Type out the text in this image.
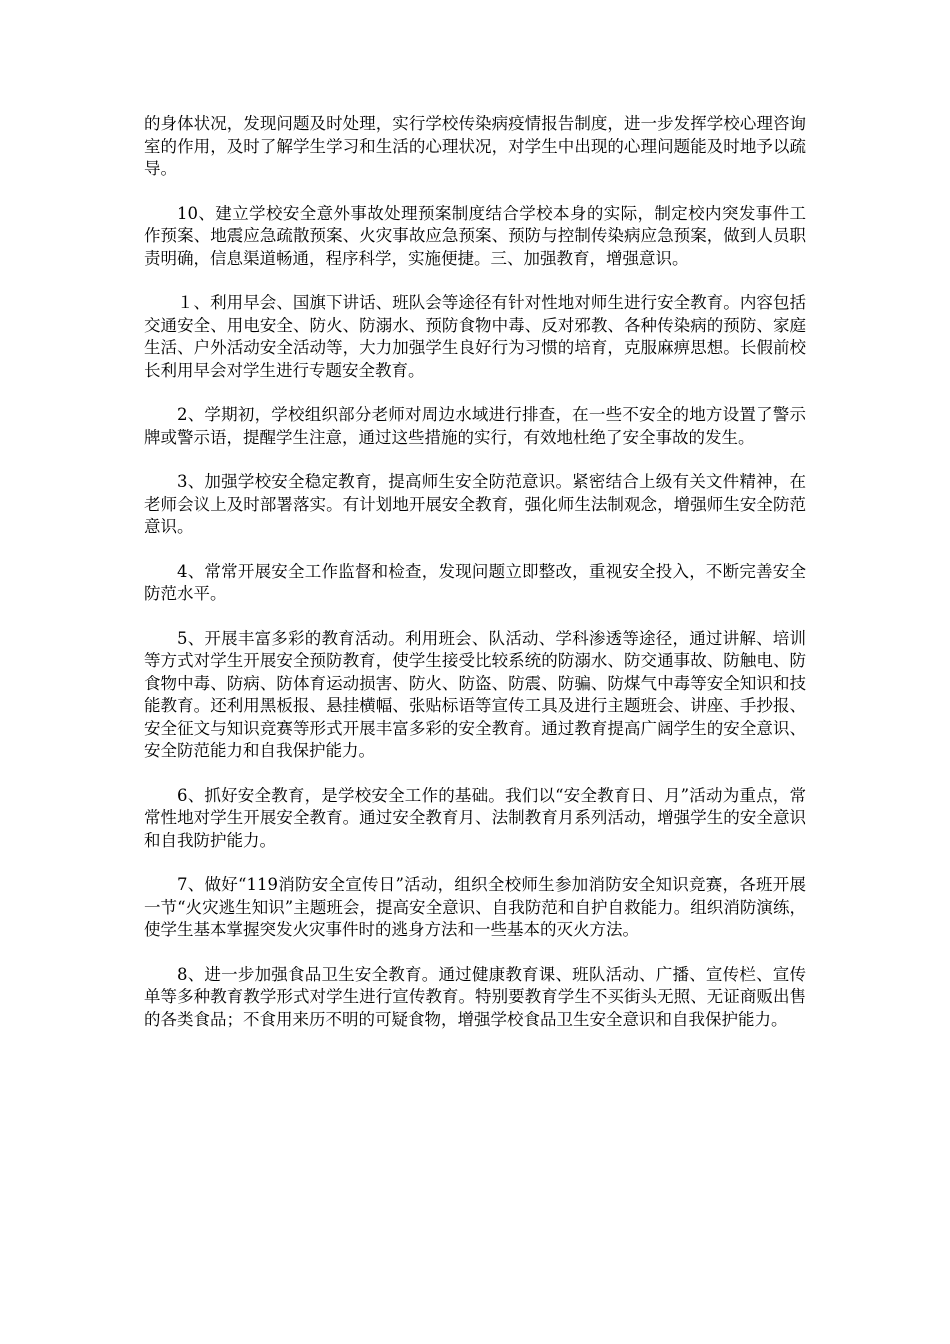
的身体状况，发现问题及时处理，实行学校传染病疫情报告制度，进一步发挥学校心理咨询室的作用，及时了解学生学习和生活的心理状况，对学生中出现的心理问题能及时地予以疏导。

10、建立学校安全意外事故处理预案制度结合学校本身的实际，制定校内突发事件工作预案、地震应急疏散预案、火灾事故应急预案、预防与控制传染病应急预案，做到人员职责明确，信息渠道畅通，程序科学，实施便捷。三、加强教育，增强意识。

１、利用早会、国旗下讲话、班队会等途径有针对性地对师生进行安全教育。内容包括交通安全、用电安全、防火、防溺水、预防食物中毒、反对邪教、各种传染病的预防、家庭生活、户外活动安全活动等，大力加强学生良好行为习惯的培育，克服麻痹思想。长假前校长利用早会对学生进行专题安全教育。

2、学期初，学校组织部分老师对周边水域进行排查，在一些不安全的地方设置了警示牌或警示语，提醒学生注意，通过这些措施的实行，有效地杜绝了安全事故的发生。

3、加强学校安全稳定教育，提高师生安全防范意识。紧密结合上级有关文件精神，在老师会议上及时部署落实。有计划地开展安全教育，强化师生法制观念，增强师生安全防范意识。

4、常常开展安全工作监督和检查，发现问题立即整改，重视安全投入，不断完善安全防范水平。

5、开展丰富多彩的教育活动。利用班会、队活动、学科渗透等途径，通过讲解、培训等方式对学生开展安全预防教育，使学生接受比较系统的防溺水、防交通事故、防触电、防食物中毒、防病、防体育运动损害、防火、防盗、防震、防骗、防煤气中毒等安全知识和技能教育。还利用黑板报、悬挂横幅、张贴标语等宣传工具及进行主题班会、讲座、手抄报、安全征文与知识竞赛等形式开展丰富多彩的安全教育。通过教育提高广阔学生的安全意识、安全防范能力和自我保护能力。

6、抓好安全教育，是学校安全工作的基础。我们以“安全教育日、月”活动为重点，常常性地对学生开展安全教育。通过安全教育月、法制教育月系列活动，增强学生的安全意识和自我防护能力。

7、做好“119消防安全宣传日”活动，组织全校师生参加消防安全知识竞赛，各班开展一节“火灾逃生知识”主题班会，提高安全意识、自我防范和自护自救能力。组织消防演练，使学生基本掌握突发火灾事件时的逃身方法和一些基本的灭火方法。

8、进一步加强食品卫生安全教育。通过健康教育课、班队活动、广播、宣传栏、宣传单等多种教育教学形式对学生进行宣传教育。特别要教育学生不买街头无照、无证商贩出售的各类食品；不食用来历不明的可疑食物，增强学校食品卫生安全意识和自我保护能力。
